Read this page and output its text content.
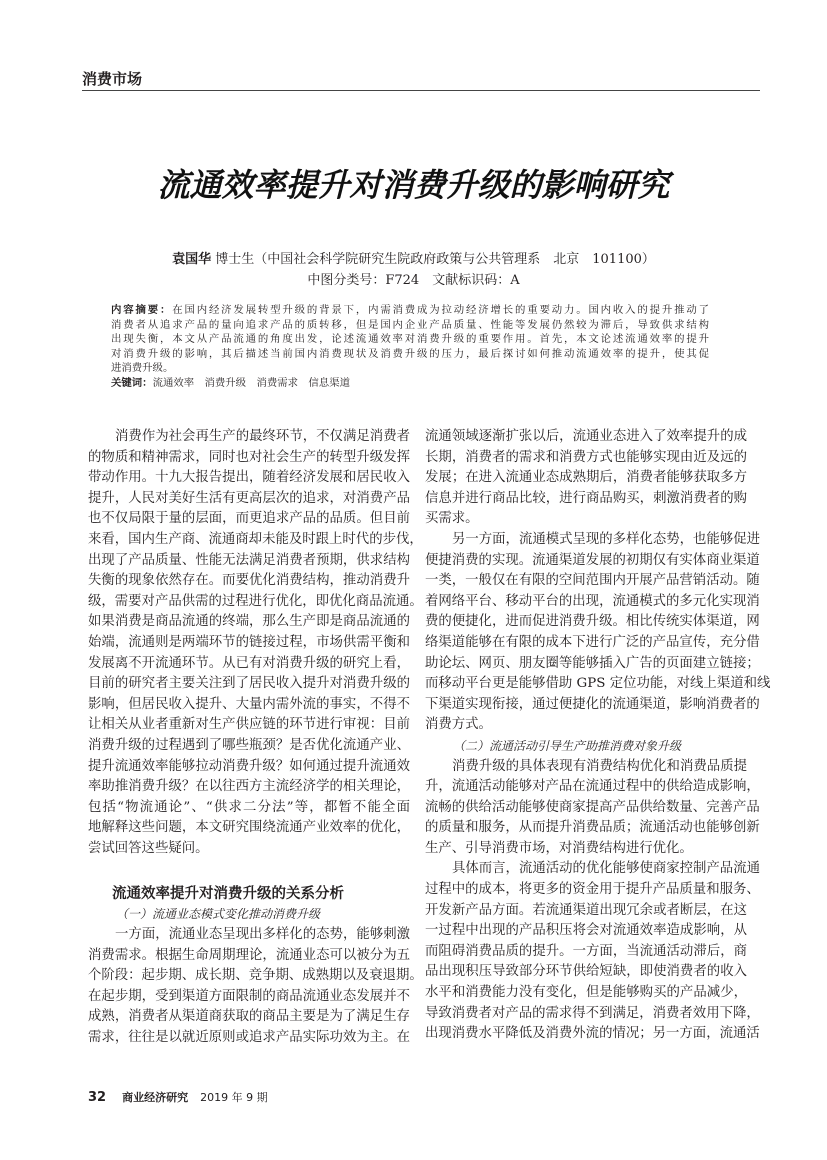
消费市场
流通效率提升对消费升级的影响研究
袁国华 博士生（中国社会科学院研究生院政府政策与公共管理系　北京　101100）
中图分类号：F724　文献标识码：A
内容摘要：在国内经济发展转型升级的背景下，内需消费成为拉动经济增长的重要动力。国内收入的提升推动了
消费者从追求产品的量向追求产品的质转移，但是国内企业产品质量、性能等发展仍然较为滞后，导致供求结构
出现失衡，本文从产品流通的角度出发，论述流通效率对消费升级的重要作用。首先，本文论述流通效率的提升
对消费升级的影响，其后描述当前国内消费现状及消费升级的压力，最后探讨如何推动流通效率的提升，使其促
进消费升级。
关键词：流通效率　消费升级　消费需求　信息渠道
消费作为社会再生产的最终环节，不仅满足消费者
的物质和精神需求，同时也对社会生产的转型升级发挥
带动作用。十九大报告提出，随着经济发展和居民收入
提升，人民对美好生活有更高层次的追求，对消费产品
也不仅局限于量的层面，而更追求产品的品质。但目前
来看，国内生产商、流通商却未能及时跟上时代的步伐，
出现了产品质量、性能无法满足消费者预期，供求结构
失衡的现象依然存在。而要优化消费结构，推动消费升
级，需要对产品供需的过程进行优化，即优化商品流通。
如果消费是商品流通的终端，那么生产即是商品流通的
始端，流通则是两端环节的链接过程，市场供需平衡和
发展离不开流通环节。从已有对消费升级的研究上看，
目前的研究者主要关注到了居民收入提升对消费升级的
影响，但居民收入提升、大量内需外流的事实，不得不
让相关从业者重新对生产供应链的环节进行审视：目前
消费升级的过程遇到了哪些瓶颈？是否优化流通产业、
提升流通效率能够拉动消费升级？如何通过提升流通效
率助推消费升级？在以往西方主流经济学的相关理论，
包括“物流通论”、“供求二分法”等，都暂不能全面
地解释这些问题，本文研究围绕流通产业效率的优化，
尝试回答这些疑问。
流通效率提升对消费升级的关系分析
（一）流通业态模式变化推动消费升级
一方面，流通业态呈现出多样化的态势，能够刺激
消费需求。根据生命周期理论，流通业态可以被分为五
个阶段：起步期、成长期、竞争期、成熟期以及衰退期。
在起步期，受到渠道方面限制的商品流通业态发展并不
成熟，消费者从渠道商获取的商品主要是为了满足生存
需求，往往是以就近原则或追求产品实际功效为主。在
流通领域逐渐扩张以后，流通业态进入了效率提升的成
长期，消费者的需求和消费方式也能够实现由近及远的
发展；在进入流通业态成熟期后，消费者能够获取多方
信息并进行商品比较，进行商品购买，刺激消费者的购
买需求。
另一方面，流通模式呈现的多样化态势，也能够促进
便捷消费的实现。流通渠道发展的初期仅有实体商业渠道
一类，一般仅在有限的空间范围内开展产品营销活动。随
着网络平台、移动平台的出现，流通模式的多元化实现消
费的便捷化，进而促进消费升级。相比传统实体渠道，网
络渠道能够在有限的成本下进行广泛的产品宣传，充分借
助论坛、网页、朋友圈等能够插入广告的页面建立链接；
而移动平台更是能够借助 GPS 定位功能，对线上渠道和线
下渠道实现衔接，通过便捷化的流通渠道，影响消费者的
消费方式。
（二）流通活动引导生产助推消费对象升级
消费升级的具体表现有消费结构优化和消费品质提
升，流通活动能够对产品在流通过程中的供给造成影响，
流畅的供给活动能够使商家提高产品供给数量、完善产品
的质量和服务，从而提升消费品质；流通活动也能够创新
生产、引导消费市场，对消费结构进行优化。
具体而言，流通活动的优化能够使商家控制产品流通
过程中的成本，将更多的资金用于提升产品质量和服务、
开发新产品方面。若流通渠道出现冗余或者断层，在这
一过程中出现的产品积压将会对流通效率造成影响，从
而阻碍消费品质的提升。一方面，当流通活动滞后，商
品出现积压导致部分环节供给短缺，即使消费者的收入
水平和消费能力没有变化，但是能够购买的产品减少，
导致消费者对产品的需求得不到满足，消费者效用下降，
出现消费水平降低及消费外流的情况；另一方面，流通活
32 商业经济研究 2019 年 9 期
